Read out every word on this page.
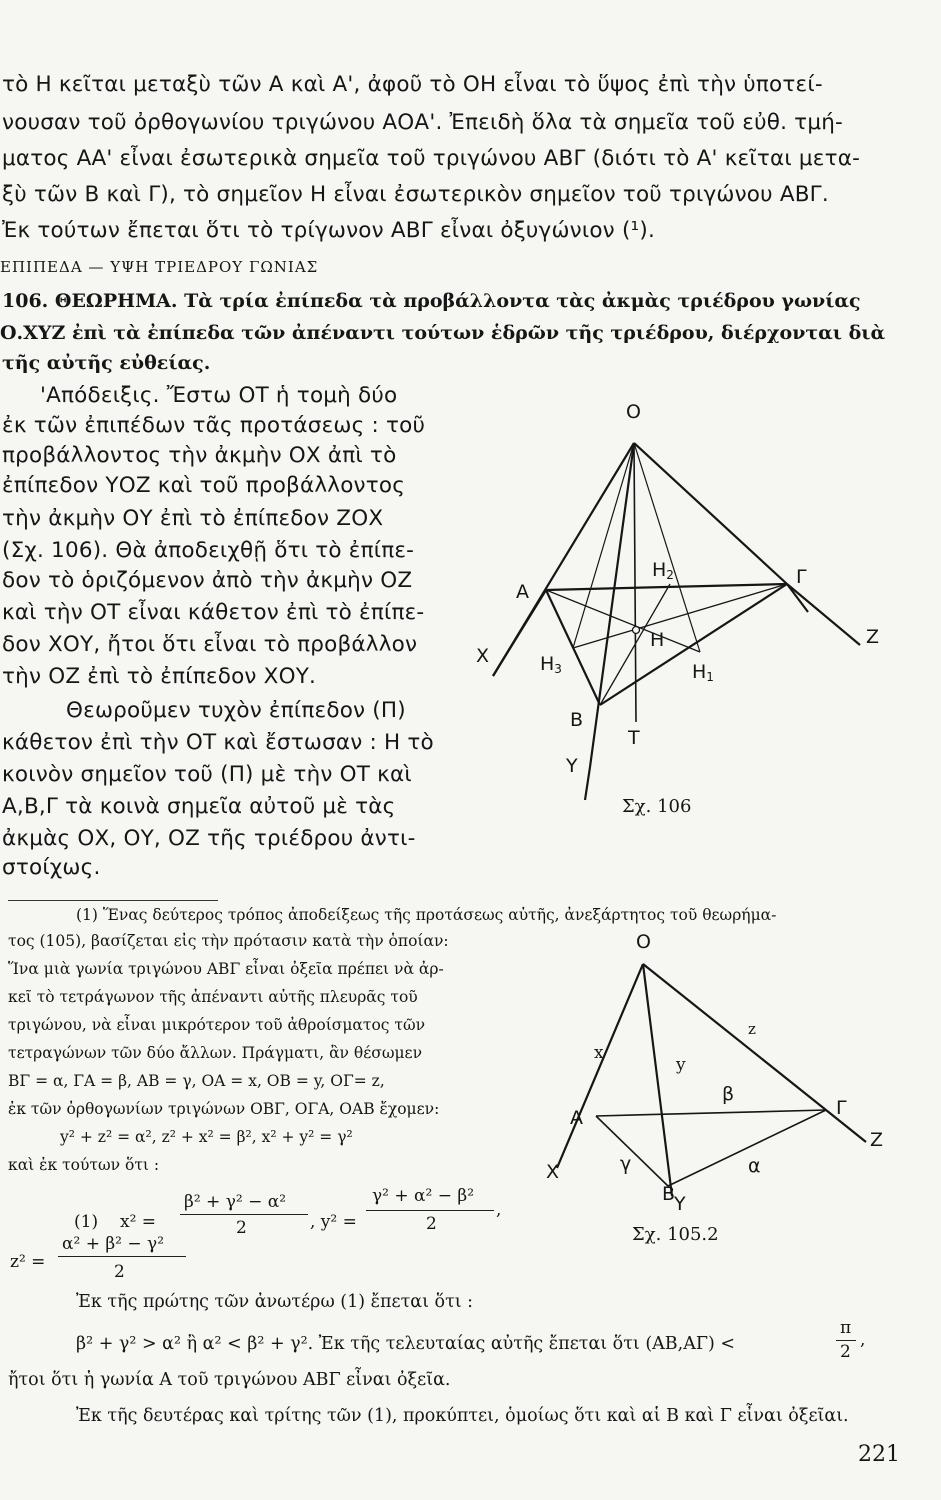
τὸ Η κεῖται μεταξὺ τῶν Α καὶ Α', ἀφοῦ τὸ ΟΗ εἶναι τὸ ὕψος ἐπὶ τὴν ὑποτεί-
νουσαν τοῦ ὀρθογωνίου τριγώνου ΑΟΑ'. Ἐπειδὴ ὅλα τὰ σημεῖα τοῦ εὐθ. τμή-
ματος ΑΑ' εἶναι ἐσωτερικὰ σημεῖα τοῦ τριγώνου ΑΒΓ (διότι τὸ Α' κεῖται μετα-
ξὺ τῶν Β καὶ Γ), τὸ σημεῖον Η εἶναι ἐσωτερικὸν σημεῖον τοῦ τριγώνου ΑΒΓ.
Ἐκ τούτων ἔπεται ὅτι τὸ τρίγωνον ΑΒΓ εἶναι ὀξυγώνιον (¹).
ΕΠΙΠΕΔΑ — ΥΨΗ ΤΡΙΕΔΡΟΥ ΓΩΝΙΑΣ
106. ΘΕΩΡΗΜΑ. Τὰ τρία ἐπίπεδα τὰ προβάλλοντα τὰς ἀκμὰς τριέδρου γωνίας
Ο.ΧΥΖ ἐπὶ τὰ ἐπίπεδα τῶν ἀπέναντι τούτων ἑδρῶν τῆς τριέδρου, διέρχονται διὰ
τῆς αὐτῆς εὐθείας.
'Απόδειξις. Ἔστω ΟΤ ἡ τομὴ δύο
ἐκ τῶν ἐπιπέδων τᾶς προτάσεως : τοῦ
προβάλλοντος τὴν ἀκμὴν ΟΧ ἀπὶ τὸ
ἐπίπεδον ΥΟΖ καὶ τοῦ προβάλλοντος
τὴν ἀκμὴν ΟΥ ἐπὶ τὸ ἐπίπεδον ΖΟΧ
(Σχ. 106). Θὰ ἀποδειχθῇ ὅτι τὸ ἐπίπε-
δον τὸ ὁριζόμενον ἀπὸ τὴν ἀκμὴν ΟΖ
καὶ τὴν ΟΤ εἶναι κάθετον ἐπὶ τὸ ἐπίπε-
δον ΧΟΥ, ἤτοι ὅτι εἶναι τὸ προβάλλον
τὴν ΟΖ ἐπὶ τὸ ἐπίπεδον ΧΟΥ.
Θεωροῦμεν τυχὸν ἐπίπεδον (Π)
κάθετον ἐπὶ τὴν ΟΤ καὶ ἔστωσαν : Η τὸ
κοινὸν σημεῖον τοῦ (Π) μὲ τὴν ΟΤ καὶ
Α,Β,Γ τὰ κοινὰ σημεῖα αὐτοῦ μὲ τὰς
ἀκμὰς ΟΧ, ΟΥ, ΟΖ τῆς τριέδρου ἀντι-
στοίχως.
O
A
Γ
X
Z
Y
B
T
H
H2
H3	H1
Σχ. 106
(1) Ἕνας δεύτερος τρόπος ἀποδείξεως τῆς προτάσεως αὐτῆς, ἀνεξάρτητος τοῦ θεωρήμα-
τος (105), βασίζεται εἰς τὴν πρότασιν κατὰ τὴν ὁποίαν:
Ἵνα μιὰ γωνία τριγώνου ΑΒΓ εἶναι ὀξεῖα πρέπει νὰ ἀρ-
κεῖ τὸ τετράγωνον τῆς ἀπέναντι αὐτῆς πλευρᾶς τοῦ
τριγώνου, νὰ εἶναι μικρότερον τοῦ ἀθροίσματος τῶν
τετραγώνων τῶν δύο ἄλλων. Πράγματι, ἂν θέσωμεν
ΒΓ = α, ΓΑ = β, ΑΒ = γ, ΟΑ = x, ΟΒ = y, ΟΓ= z,
ἐκ τῶν ὀρθογωνίων τριγώνων ΟΒΓ, ΟΓΑ, ΟΑΒ ἔχομεν:
y² + z² = α², z² + x² = β², x² + y² = γ²
καὶ ἐκ τούτων ὅτι :
(1) x² =
β² + γ² − α²
2	, y² =
γ² + α² − β²
2
,
z² =
α² + β² − γ²
2
Ἐκ τῆς πρώτης τῶν ἀνωτέρω (1) ἔπεται ὅτι :
β² + γ² > α² ἢ α² < β² + γ². Ἐκ τῆς τελευταίας αὐτῆς ἔπεται ὅτι (ΑΒ,ΑΓ) <
π
2
,
ἤτοι ὅτι ἡ γωνία Α τοῦ τριγώνου ΑΒΓ εἶναι ὀξεῖα.
Ἐκ τῆς δευτέρας καὶ τρίτης τῶν (1), προκύπτει, ὁμοίως ὅτι καὶ αἱ Β καὶ Γ εἶναι ὀξεῖαι.
O
A	Γ
X
Z
Y
B
x
y
z
β
γ	α
Σχ. 105.2
221
